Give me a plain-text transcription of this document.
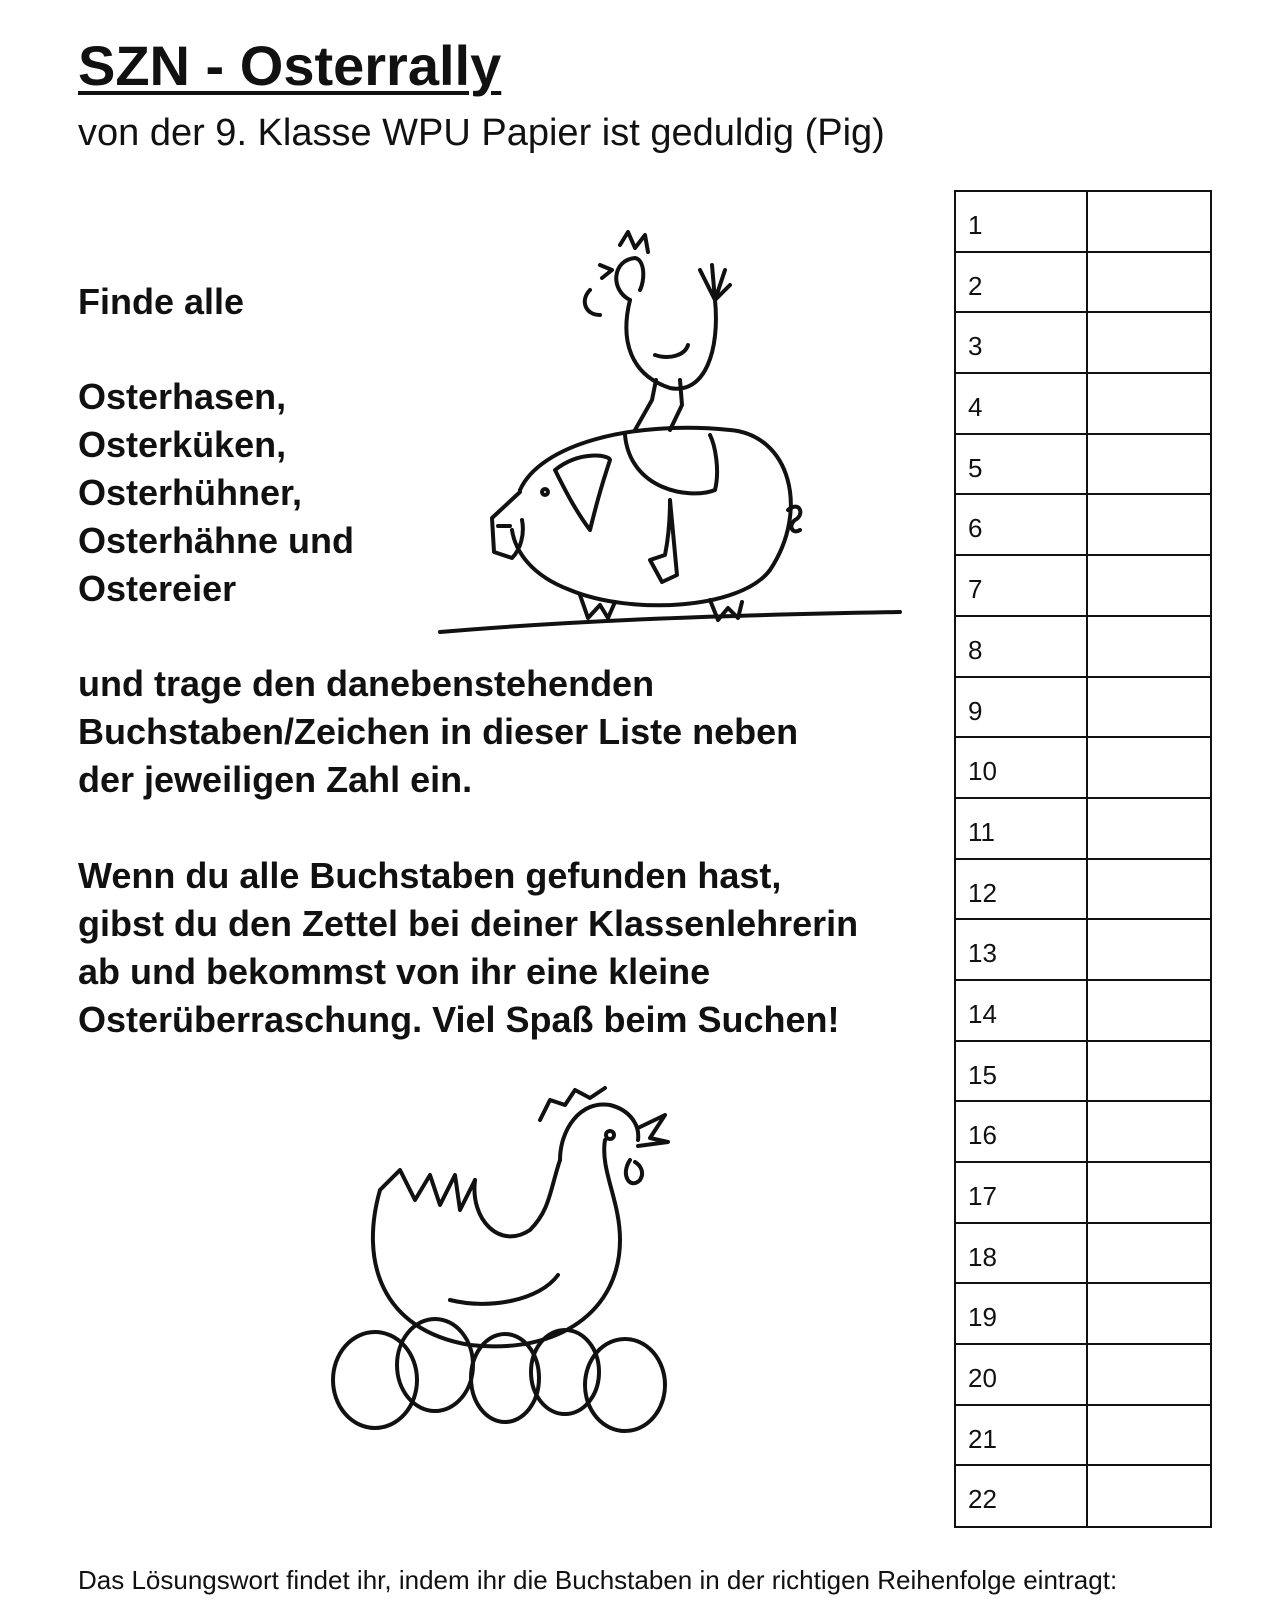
SZN - Osterrally
von der 9. Klasse WPU Papier ist geduldig (Pig)
Finde alle
Osterhasen,
Osterküken,
Osterhühner,
Osterhähne und
Ostereier
und trage den danebenstehenden
Buchstaben/Zeichen in dieser Liste neben
der jeweiligen Zahl ein.
Wenn du alle Buchstaben gefunden hast,
gibst du den Zettel bei deiner Klassenlehrerin
ab und bekommst von ihr eine kleine
Osterüberraschung. Viel Spaß beim Suchen!
1
2
3
4
5
6
7
8
9
10
11
12
13
14
15
16
17
18
19
20
21
22
Das Lösungswort findet ihr, indem ihr die Buchstaben in der richtigen Reihenfolge eintragt:
